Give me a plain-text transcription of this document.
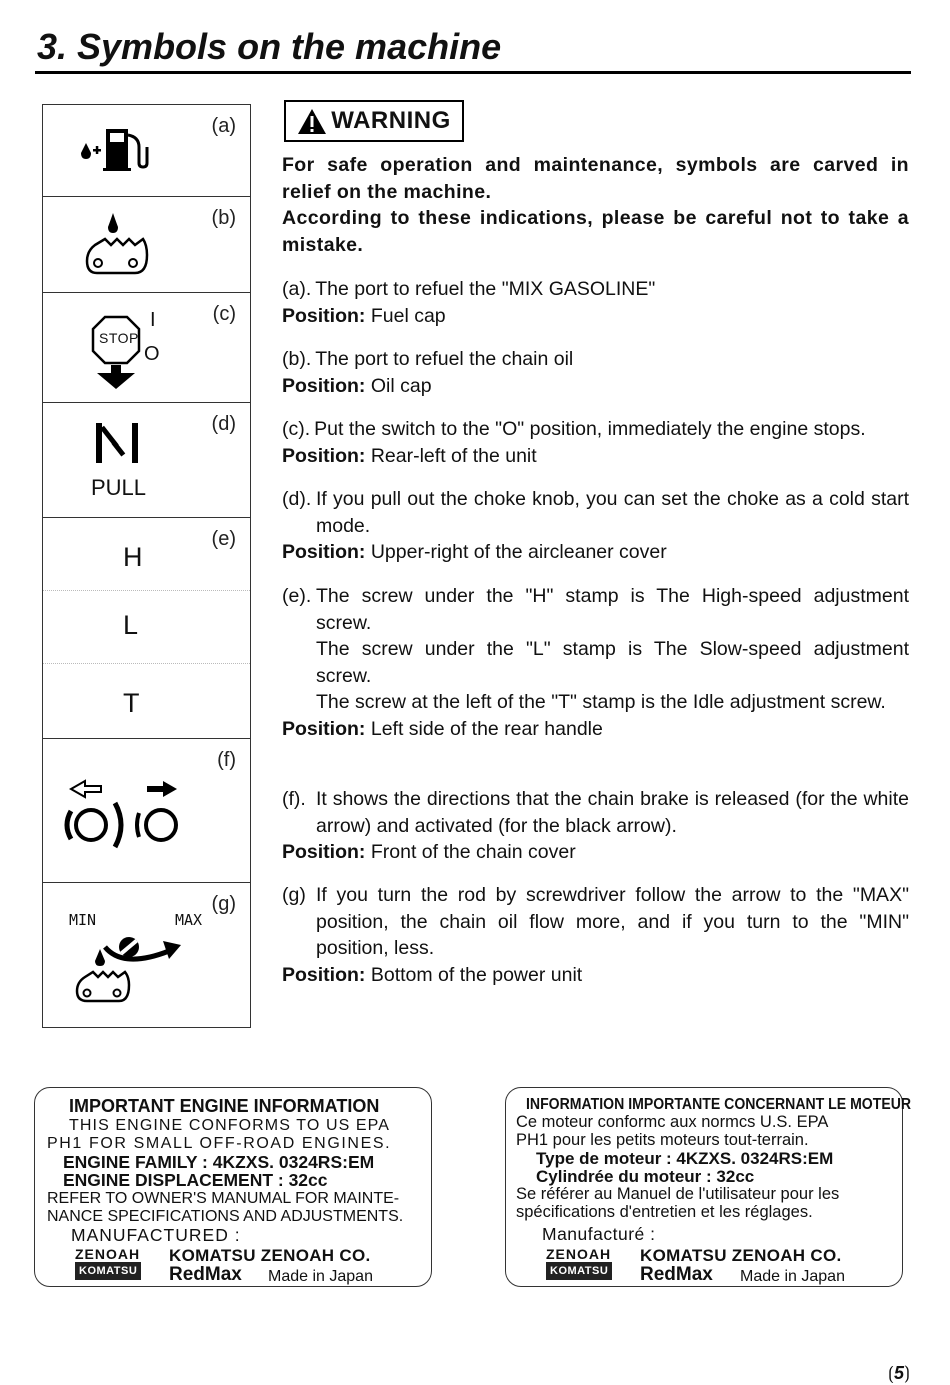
3. Symbols on the machine
(a)
(b)
(c)
STOP
I
O
(d)
PULL
(e)
H
L
T
(f)
(g)
MIN	MAX
WARNING
For safe operation and maintenance, symbols are carved in relief on the machine.
According to these indications, please be careful not to take a mistake.
(a). The port to refuel the "MIX GASOLINE"
Position: Fuel cap
(b). The port to refuel the chain oil
Position: Oil cap
(c). Put the switch to the "O" position, immediately the engine stops.
Position: Rear-left of the unit
(d). If you pull out the choke knob, you can set the choke as a cold start mode.
Position: Upper-right of the aircleaner cover
(e). The screw under the "H" stamp is The High-speed adjustment screw.
The screw under the "L" stamp is The Slow-speed adjustment screw.
The screw at the left of the "T" stamp is the Idle adjustment screw.
Position: Left side of the rear handle
(f). It shows the directions that the chain brake is released (for the white arrow) and activated (for the black arrow).
Position: Front of the chain cover
(g) If you turn the rod by screwdriver follow the arrow to the "MAX" position, the chain oil flow more, and if you turn to the "MIN" position, less.
Position: Bottom of the power unit
IMPORTANT ENGINE INFORMATION
THIS ENGINE CONFORMS TO US EPA
PH1 FOR SMALL OFF-ROAD ENGINES.
ENGINE FAMILY : 4KZXS. 0324RS:EM
ENGINE DISPLACEMENT : 32cc
REFER TO OWNER'S MANUMAL FOR MAINTE-
NANCE SPECIFICATIONS AND ADJUSTMENTS.
MANUFACTURED :
ZENOAH
KOMATSU
KOMATSU ZENOAH CO.
RedMax Made in Japan
INFORMATION IMPORTANTE CONCERNANT LE MOTEUR
Ce moteur conformc aux normcs U.S. EPA
PH1 pour les petits moteurs tout-terrain.
Type de moteur : 4KZXS. 0324RS:EM
Cylindrée du moteur : 32cc
Se référer au Manuel de l'utilisateur pour les
spécifications d'entretien et les réglages.
Manufacturé :
ZENOAH
KOMATSU
KOMATSU ZENOAH CO.
RedMax Made in Japan
⟮5⟯
